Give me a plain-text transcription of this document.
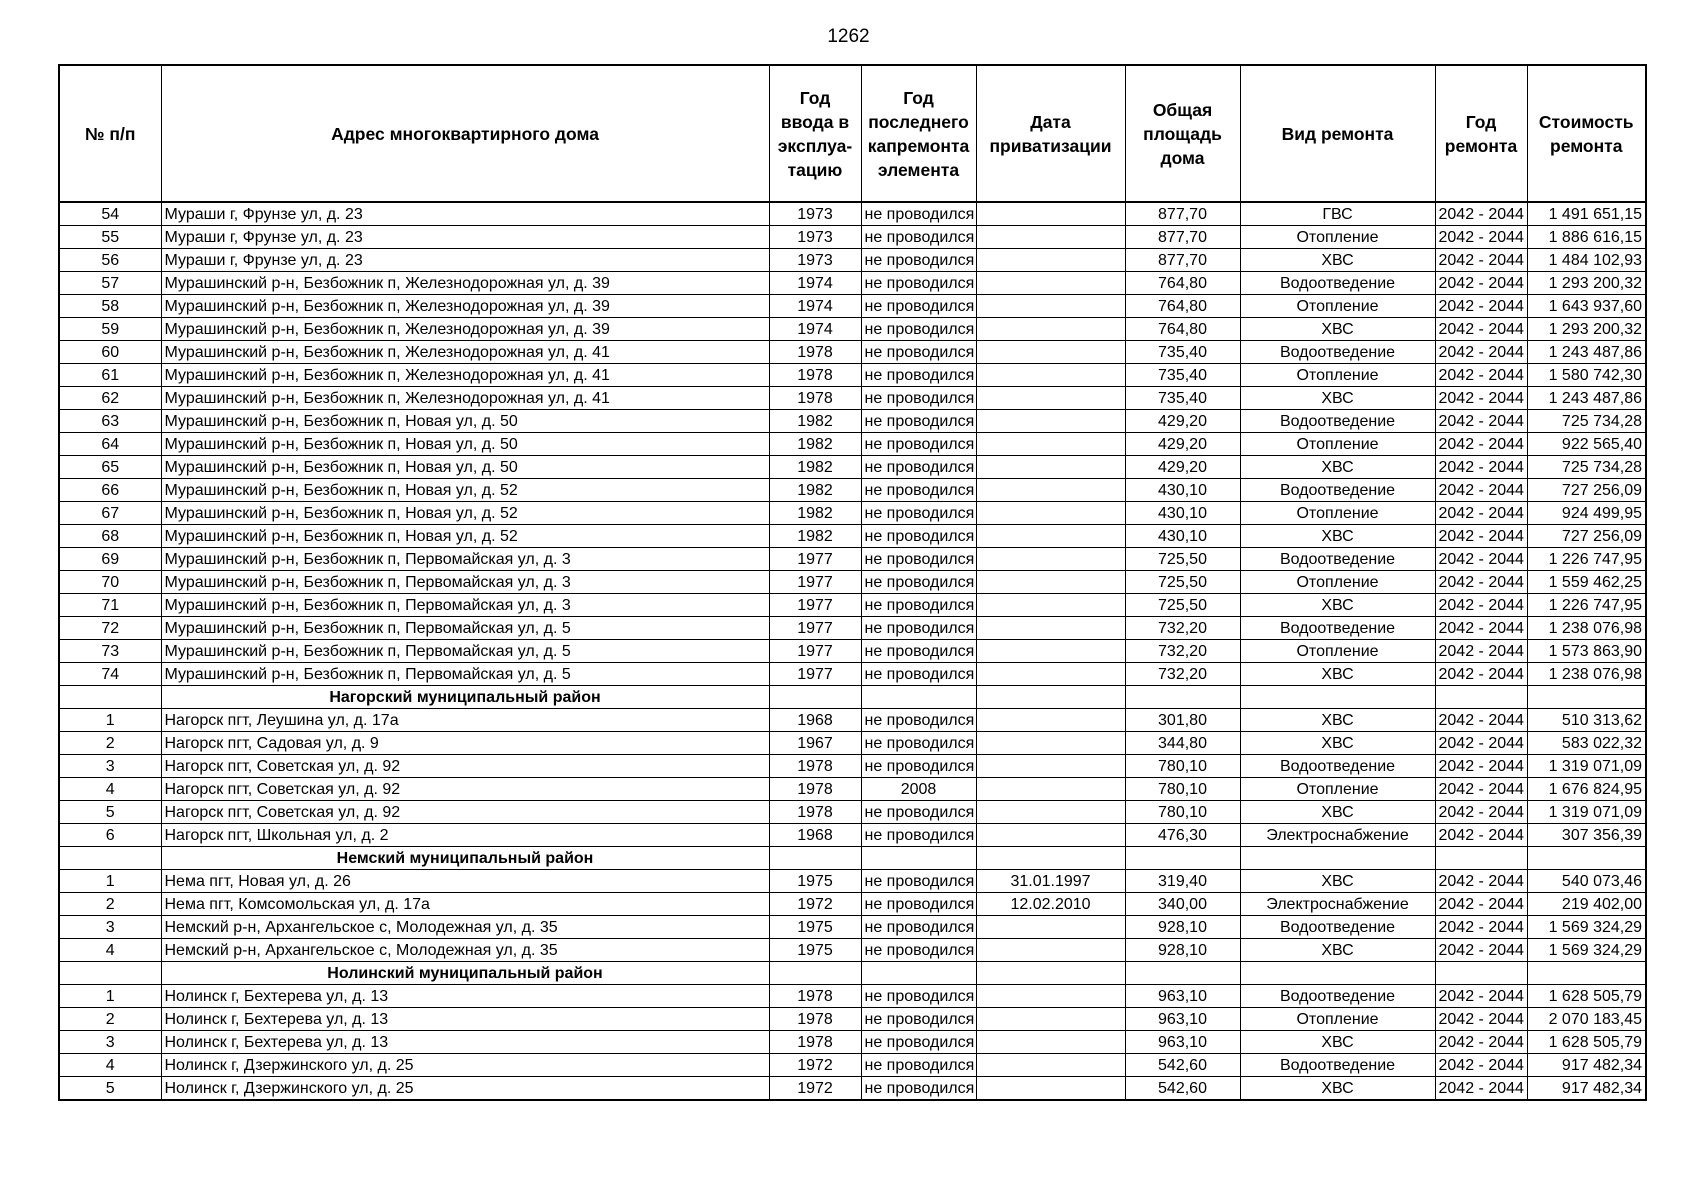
1262
№ п/п	Адрес многоквартирного дома	Год ввода в эксплуа-тацию	Год последнего капремонта элемента	Дата приватизации	Общая площадь дома	Вид ремонта	Год ремонта	Стоимость ремонта
54	Мураши г, Фрунзе ул, д. 23	1973	не проводился		877,70	ГВС	2042 - 2044	1 491 651,15
55	Мураши г, Фрунзе ул, д. 23	1973	не проводился		877,70	Отопление	2042 - 2044	1 886 616,15
56	Мураши г, Фрунзе ул, д. 23	1973	не проводился		877,70	ХВС	2042 - 2044	1 484 102,93
57	Мурашинский р-н, Безбожник п, Железнодорожная ул, д. 39	1974	не проводился		764,80	Водоотведение	2042 - 2044	1 293 200,32
58	Мурашинский р-н, Безбожник п, Железнодорожная ул, д. 39	1974	не проводился		764,80	Отопление	2042 - 2044	1 643 937,60
59	Мурашинский р-н, Безбожник п, Железнодорожная ул, д. 39	1974	не проводился		764,80	ХВС	2042 - 2044	1 293 200,32
60	Мурашинский р-н, Безбожник п, Железнодорожная ул, д. 41	1978	не проводился		735,40	Водоотведение	2042 - 2044	1 243 487,86
61	Мурашинский р-н, Безбожник п, Железнодорожная ул, д. 41	1978	не проводился		735,40	Отопление	2042 - 2044	1 580 742,30
62	Мурашинский р-н, Безбожник п, Железнодорожная ул, д. 41	1978	не проводился		735,40	ХВС	2042 - 2044	1 243 487,86
63	Мурашинский р-н, Безбожник п, Новая ул, д. 50	1982	не проводился		429,20	Водоотведение	2042 - 2044	725 734,28
64	Мурашинский р-н, Безбожник п, Новая ул, д. 50	1982	не проводился		429,20	Отопление	2042 - 2044	922 565,40
65	Мурашинский р-н, Безбожник п, Новая ул, д. 50	1982	не проводился		429,20	ХВС	2042 - 2044	725 734,28
66	Мурашинский р-н, Безбожник п, Новая ул, д. 52	1982	не проводился		430,10	Водоотведение	2042 - 2044	727 256,09
67	Мурашинский р-н, Безбожник п, Новая ул, д. 52	1982	не проводился		430,10	Отопление	2042 - 2044	924 499,95
68	Мурашинский р-н, Безбожник п, Новая ул, д. 52	1982	не проводился		430,10	ХВС	2042 - 2044	727 256,09
69	Мурашинский р-н, Безбожник п, Первомайская ул, д. 3	1977	не проводился		725,50	Водоотведение	2042 - 2044	1 226 747,95
70	Мурашинский р-н, Безбожник п, Первомайская ул, д. 3	1977	не проводился		725,50	Отопление	2042 - 2044	1 559 462,25
71	Мурашинский р-н, Безбожник п, Первомайская ул, д. 3	1977	не проводился		725,50	ХВС	2042 - 2044	1 226 747,95
72	Мурашинский р-н, Безбожник п, Первомайская ул, д. 5	1977	не проводился		732,20	Водоотведение	2042 - 2044	1 238 076,98
73	Мурашинский р-н, Безбожник п, Первомайская ул, д. 5	1977	не проводился		732,20	Отопление	2042 - 2044	1 573 863,90
74	Мурашинский р-н, Безбожник п, Первомайская ул, д. 5	1977	не проводился		732,20	ХВС	2042 - 2044	1 238 076,98
	Нагорский муниципальный район							
1	Нагорск пгт, Леушина ул, д. 17а	1968	не проводился		301,80	ХВС	2042 - 2044	510 313,62
2	Нагорск пгт, Садовая ул, д. 9	1967	не проводился		344,80	ХВС	2042 - 2044	583 022,32
3	Нагорск пгт, Советская ул, д. 92	1978	не проводился		780,10	Водоотведение	2042 - 2044	1 319 071,09
4	Нагорск пгт, Советская ул, д. 92	1978	2008		780,10	Отопление	2042 - 2044	1 676 824,95
5	Нагорск пгт, Советская ул, д. 92	1978	не проводился		780,10	ХВС	2042 - 2044	1 319 071,09
6	Нагорск пгт, Школьная ул, д. 2	1968	не проводился		476,30	Электроснабжение	2042 - 2044	307 356,39
	Немский муниципальный район							
1	Нема пгт, Новая ул, д. 26	1975	не проводился	31.01.1997	319,40	ХВС	2042 - 2044	540 073,46
2	Нема пгт, Комсомольская ул, д. 17а	1972	не проводился	12.02.2010	340,00	Электроснабжение	2042 - 2044	219 402,00
3	Немский р-н, Архангельское с, Молодежная ул, д. 35	1975	не проводился		928,10	Водоотведение	2042 - 2044	1 569 324,29
4	Немский р-н, Архангельское с, Молодежная ул, д. 35	1975	не проводился		928,10	ХВС	2042 - 2044	1 569 324,29
	Нолинский муниципальный район							
1	Нолинск г, Бехтерева ул, д. 13	1978	не проводился		963,10	Водоотведение	2042 - 2044	1 628 505,79
2	Нолинск г, Бехтерева ул, д. 13	1978	не проводился		963,10	Отопление	2042 - 2044	2 070 183,45
3	Нолинск г, Бехтерева ул, д. 13	1978	не проводился		963,10	ХВС	2042 - 2044	1 628 505,79
4	Нолинск г, Дзержинского ул, д. 25	1972	не проводился		542,60	Водоотведение	2042 - 2044	917 482,34
5	Нолинск г, Дзержинского ул, д. 25	1972	не проводился		542,60	ХВС	2042 - 2044	917 482,34
